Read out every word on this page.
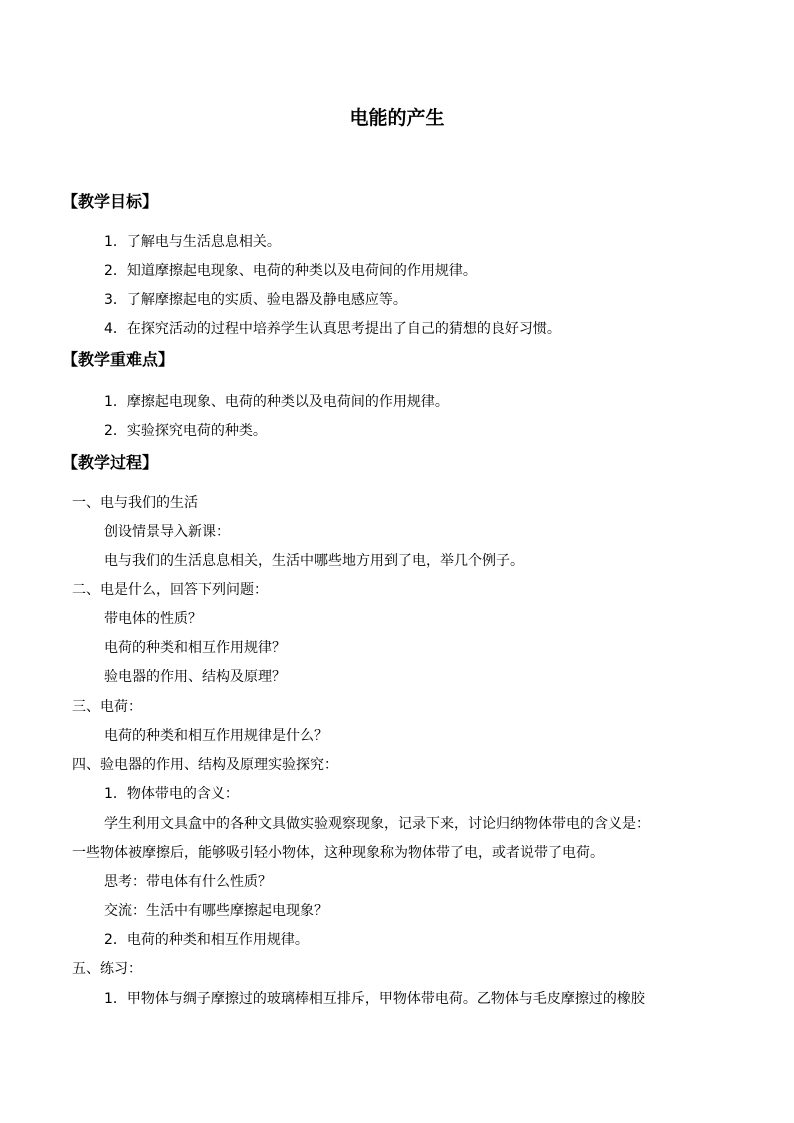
电能的产生
【教学目标】
1．了解电与生活息息相关。
2．知道摩擦起电现象、电荷的种类以及电荷间的作用规律。
3．了解摩擦起电的实质、验电器及静电感应等。
4．在探究活动的过程中培养学生认真思考提出了自己的猜想的良好习惯。
【教学重难点】
1．摩擦起电现象、电荷的种类以及电荷间的作用规律。
2．实验探究电荷的种类。
【教学过程】
一、电与我们的生活
创设情景导入新课：
电与我们的生活息息相关，生活中哪些地方用到了电，举几个例子。
二、电是什么，回答下列问题：
带电体的性质？
电荷的种类和相互作用规律？
验电器的作用、结构及原理？
三、电荷：
电荷的种类和相互作用规律是什么？
四、验电器的作用、结构及原理实验探究：
1．物体带电的含义：
学生利用文具盒中的各种文具做实验观察现象，记录下来，讨论归纳物体带电的含义是：
一些物体被摩擦后，能够吸引轻小物体，这种现象称为物体带了电，或者说带了电荷。
思考：带电体有什么性质？
交流：生活中有哪些摩擦起电现象？
2．电荷的种类和相互作用规律。
五、练习：
1．甲物体与绸子摩擦过的玻璃棒相互排斥，甲物体带电荷。乙物体与毛皮摩擦过的橡胶
